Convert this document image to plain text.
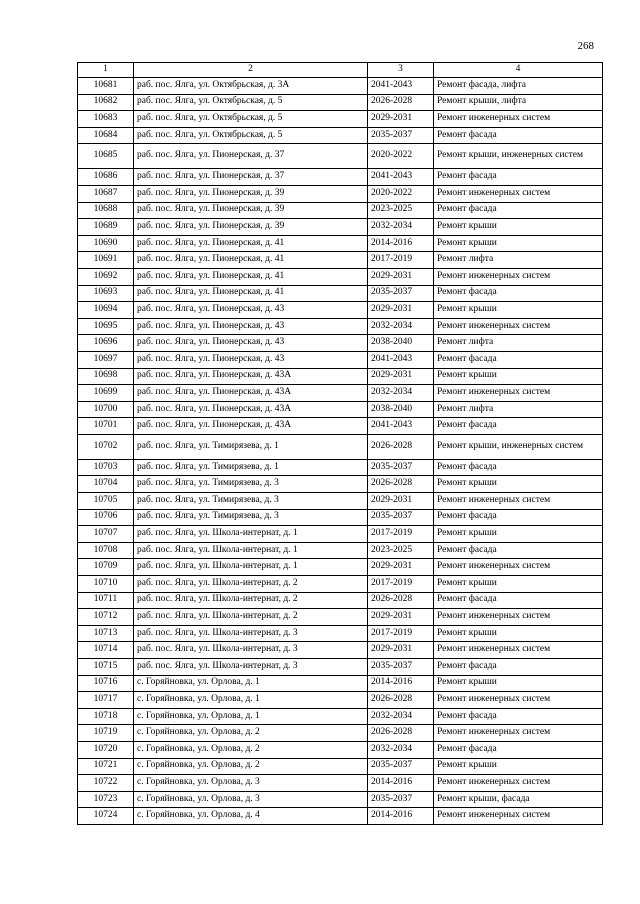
268
1	2	3	4
10681	раб. пос. Ялга, ул. Октябрьская, д. 3А	2041-2043	Ремонт фасада, лифта
10682	раб. пос. Ялга, ул. Октябрьская, д. 5	2026-2028	Ремонт крыши, лифта
10683	раб. пос. Ялга, ул. Октябрьская, д. 5	2029-2031	Ремонт инженерных систем
10684	раб. пос. Ялга, ул. Октябрьская, д. 5	2035-2037	Ремонт фасада
10685	раб. пос. Ялга, ул. Пионерская, д. 37	2020-2022	Ремонт крыши, инженерных систем
10686	раб. пос. Ялга, ул. Пионерская, д. 37	2041-2043	Ремонт фасада
10687	раб. пос. Ялга, ул. Пионерская, д. 39	2020-2022	Ремонт инженерных систем
10688	раб. пос. Ялга, ул. Пионерская, д. 39	2023-2025	Ремонт фасада
10689	раб. пос. Ялга, ул. Пионерская, д. 39	2032-2034	Ремонт крыши
10690	раб. пос. Ялга, ул. Пионерская, д. 41	2014-2016	Ремонт крыши
10691	раб. пос. Ялга, ул. Пионерская, д. 41	2017-2019	Ремонт лифта
10692	раб. пос. Ялга, ул. Пионерская, д. 41	2029-2031	Ремонт инженерных систем
10693	раб. пос. Ялга, ул. Пионерская, д. 41	2035-2037	Ремонт фасада
10694	раб. пос. Ялга, ул. Пионерская, д. 43	2029-2031	Ремонт крыши
10695	раб. пос. Ялга, ул. Пионерская, д. 43	2032-2034	Ремонт инженерных систем
10696	раб. пос. Ялга, ул. Пионерская, д. 43	2038-2040	Ремонт лифта
10697	раб. пос. Ялга, ул. Пионерская, д. 43	2041-2043	Ремонт фасада
10698	раб. пос. Ялга, ул. Пионерская, д. 43А	2029-2031	Ремонт крыши
10699	раб. пос. Ялга, ул. Пионерская, д. 43А	2032-2034	Ремонт инженерных систем
10700	раб. пос. Ялга, ул. Пионерская, д. 43А	2038-2040	Ремонт лифта
10701	раб. пос. Ялга, ул. Пионерская, д. 43А	2041-2043	Ремонт фасада
10702	раб. пос. Ялга, ул. Тимирязева, д. 1	2026-2028	Ремонт крыши, инженерных систем
10703	раб. пос. Ялга, ул. Тимирязева, д. 1	2035-2037	Ремонт фасада
10704	раб. пос. Ялга, ул. Тимирязева, д. 3	2026-2028	Ремонт крыши
10705	раб. пос. Ялга, ул. Тимирязева, д. 3	2029-2031	Ремонт инженерных систем
10706	раб. пос. Ялга, ул. Тимирязева, д. 3	2035-2037	Ремонт фасада
10707	раб. пос. Ялга, ул. Школа-интернат, д. 1	2017-2019	Ремонт крыши
10708	раб. пос. Ялга, ул. Школа-интернат, д. 1	2023-2025	Ремонт фасада
10709	раб. пос. Ялга, ул. Школа-интернат, д. 1	2029-2031	Ремонт инженерных систем
10710	раб. пос. Ялга, ул. Школа-интернат, д. 2	2017-2019	Ремонт крыши
10711	раб. пос. Ялга, ул. Школа-интернат, д. 2	2026-2028	Ремонт фасада
10712	раб. пос. Ялга, ул. Школа-интернат, д. 2	2029-2031	Ремонт инженерных систем
10713	раб. пос. Ялга, ул. Школа-интернат, д. 3	2017-2019	Ремонт крыши
10714	раб. пос. Ялга, ул. Школа-интернат, д. 3	2029-2031	Ремонт инженерных систем
10715	раб. пос. Ялга, ул. Школа-интернат, д. 3	2035-2037	Ремонт фасада
10716	с. Горяйновка, ул. Орлова, д. 1	2014-2016	Ремонт крыши
10717	с. Горяйновка, ул. Орлова, д. 1	2026-2028	Ремонт инженерных систем
10718	с. Горяйновка, ул. Орлова, д. 1	2032-2034	Ремонт фасада
10719	с. Горяйновка, ул. Орлова, д. 2	2026-2028	Ремонт инженерных систем
10720	с. Горяйновка, ул. Орлова, д. 2	2032-2034	Ремонт фасада
10721	с. Горяйновка, ул. Орлова, д. 2	2035-2037	Ремонт крыши
10722	с. Горяйновка, ул. Орлова, д. 3	2014-2016	Ремонт инженерных систем
10723	с. Горяйновка, ул. Орлова, д. 3	2035-2037	Ремонт крыши, фасада
10724	с. Горяйновка, ул. Орлова, д. 4	2014-2016	Ремонт инженерных систем
